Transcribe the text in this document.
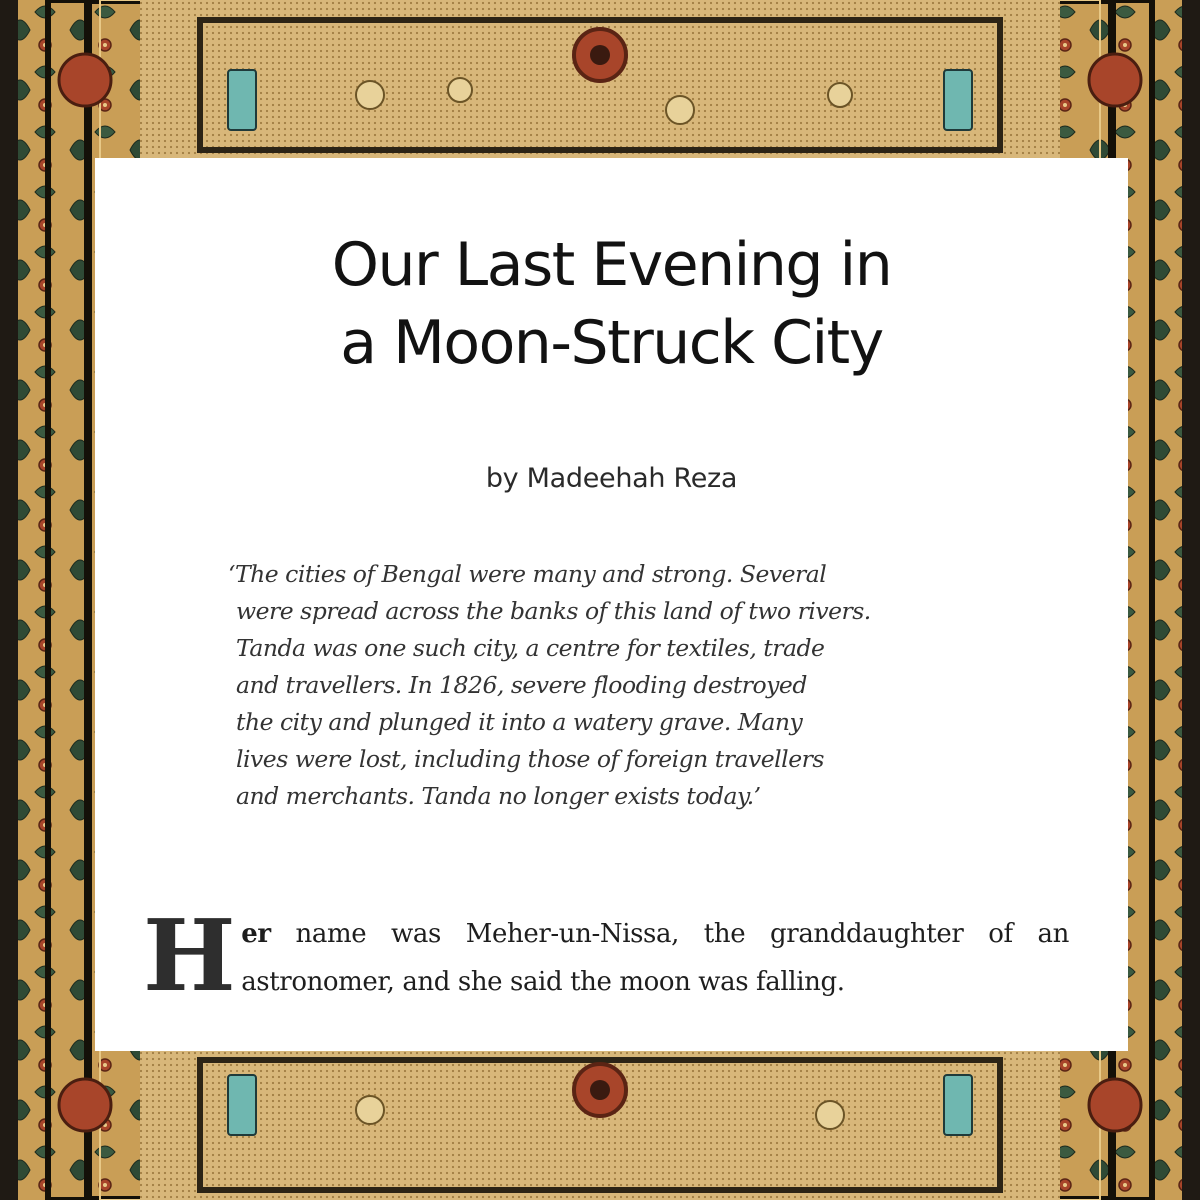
Our Last Evening in
a Moon-Struck City
by Madeehah Reza

‘The cities of Bengal were many and strong. Several
were spread across the banks of this land of two rivers.
Tanda was one such city, a centre for textiles, trade
and travellers. In 1826, severe flooding destroyed
the city and plunged it into a watery grave. Many
lives were lost, including those of foreign travellers
and merchants. Tanda no longer exists today.’

Her name was Meher-un-Nissa, the granddaughter of an astronomer, and she said the moon was falling.
